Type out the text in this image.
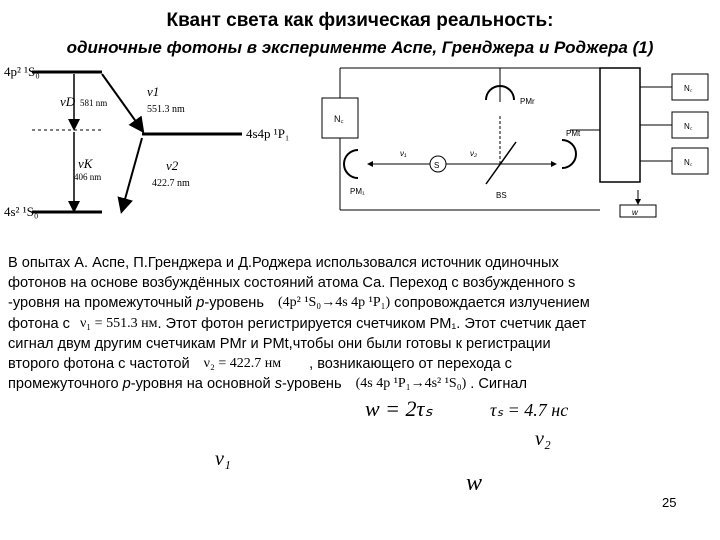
Квант света как физическая реальность:
одиночные фотоны в эксперименте Аспе, Гренджера и Роджера (1)
4p² ¹S₀
4s4p ¹P₁
4s² ¹S₀
ν1
551.3 nm
ν2
422.7 nm
νD 581 nm
νK
406 nm
N꜀
N꜀
N꜀
N꜀
S
PM₁
PMr
PMt
BS
ν₁	ν₂
w
В опытах А. Аспе, П.Гренджера и Д.Роджера использовался источник одиночных
фотонов на основе возбуждённых состояний атома Са. Переход с возбужденного s
-уровня на промежуточный p -уровень (4p² ¹S₀→4s 4p ¹P₁) сопровождается излучением
фотона с ν₁ = 551.3 нм . Этот фотон регистрируется счетчиком РМ₁. Этот счетчик дает
сигнал двум другим счетчикам PMr и PMt,чтобы они были готовы к регистрации
второго фотона с частотой ν₂ = 422.7 нм , возникающего от перехода с
промежуточного p -уровня на основной s -уровень (4s 4p ¹P₁→4s² ¹S₀) . Сигнал
w = 2τₛ	τₛ = 4.7 нс
ν₂
ν₁
w
25
